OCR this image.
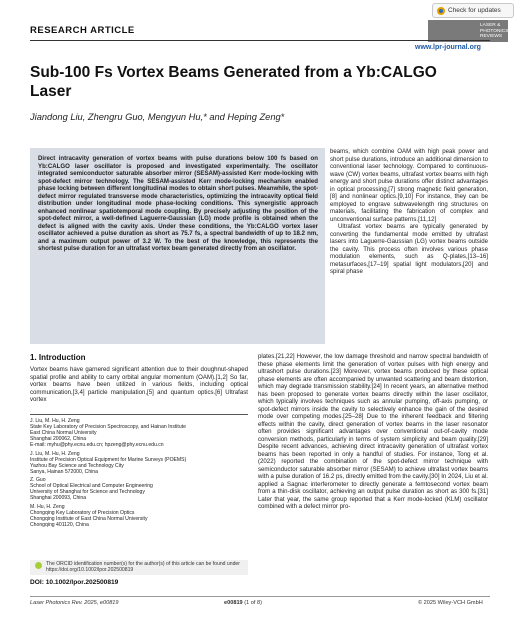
Check for updates
RESEARCH ARTICLE	LASER & PHOTONICS REVIEWS
www.lpr-journal.org
Sub-100 Fs Vortex Beams Generated from a Yb:CALGO Laser
Jiandong Liu, Zhengru Guo, Mengyun Hu,* and Heping Zeng*
Direct intracavity generation of vortex beams with pulse durations below 100 fs based on Yb:CALGO laser oscillator is proposed and investigated experimentally. The oscillator integrated semiconductor saturable absorber mirror (SESAM)-assisted Kerr mode-locking with spot-defect mirror technology. The SESAM-assisted Kerr mode-locking mechanism enabled phase locking between different longitudinal modes to obtain short pulses. Meanwhile, the spot-defect mirror regulated transverse mode characteristics, optimizing the intracavity optical field distribution under longitudinal mode phase-locking conditions. This synergistic approach enhanced nonlinear spatiotemporal mode coupling. By precisely adjusting the position of the spot-defect mirror, a well-defined Laguerre-Gaussian (LG) mode profile is obtained when the defect is aligned with the cavity axis. Under these conditions, the Yb:CALGO vortex laser oscillator achieved a pulse duration as short as 75.7 fs, a spectral bandwidth of up to 18.2 nm, and a maximum output power of 3.2 W. To the best of the knowledge, this represents the shortest pulse duration for an ultrafast vortex beam generated directly from an oscillator.

beams, which combine OAM with high peak power and short pulse durations, introduce an additional dimension to conventional laser technology. Compared to continuous-wave (CW) vortex beams, ultrafast vortex beams with high energy and short pulse durations offer distinct advantages in optical processing,[7] strong magnetic field generation,[8] and nonlinear optics.[9,10] For instance, they can be employed to engrave subwavelength ring structures on materials, facilitating the fabrication of complex and unconventional surface patterns.[11,12]

Ultrafast vortex beams are typically generated by converting the fundamental mode emitted by ultrafast lasers into Laguerre-Gaussian (LG) vortex beams outside the cavity. This process often involves various phase modulation elements, such as Q-plates,[13–16] metasurfaces,[17–19] spatial light modulators,[20] and spiral phase

plates.[21,22] However, the low damage threshold and narrow spectral bandwidth of these phase elements limit the generation of vortex pulses with high energy and ultrashort pulse durations.[23] Moreover, vortex beams produced by these optical phase elements are often accompanied by unwanted scattering and beam distortion, which may degrade transmission stability.[24] In recent years, an alternative method has been proposed to generate vortex beams directly within the laser oscillator, which typically involves techniques such as annular pumping, off-axis pumping, or spot-defect mirrors inside the cavity to selectively enhance the gain of the desired mode over competing modes.[25–28] Due to the inherent feedback and filtering effects within the cavity, direct generation of vortex beams in the laser resonator often provides significant advantages over conventional out-of-cavity mode conversion methods, particularly in terms of system simplicity and beam quality.[29] Despite recent advances, achieving direct intracavity generation of ultrafast vortex beams has been reported in only a handful of studies. For instance, Tong et al. (2022) reported the combination of the spot-defect mirror technique with semiconductor saturable absorber mirror (SESAM) to achieve ultrafast vortex beams with a pulse duration of 16.2 ps, directly emitted from the cavity.[30] In 2024, Liu et al. applied a Sagnac interferometer to directly generate a femtosecond vortex beam from a thin-disk oscillator, achieving an output pulse duration as short as 300 fs.[31] Later that year, the same group reported that a Kerr mode-locked (KLM) oscillator combined with a defect mirror pro-
1. Introduction
Vortex beams have garnered significant attention due to their doughnut-shaped spatial profile and ability to carry orbital angular momentum (OAM).[1,2] So far, vortex beams have been utilized in various fields, including optical communication,[3,4] particle manipulation,[5] and quantum optics.[6] Ultrafast vortex
J. Liu, M. Hu, H. Zeng
State Key Laboratory of Precision Spectroscopy, and Hainan Institute
East China Normal University
Shanghai 200062, China
E-mail: myhu@phy.ecnu.edu.cn; hpzeng@phy.ecnu.edu.cn
J. Liu, M. Hu, H. Zeng
Institute of Precision Optical Equipment for Marine Surveys (POEMS)
Yazhou Bay Science and Technology City
Sanya, Hainan 572000, China
Z. Guo
School of Optical Electrical and Computer Engineering
University of Shanghai for Science and Technology
Shanghai 200093, China
M. Hu, H. Zeng
Chongqing Key Laboratory of Precision Optics
Chongqing Institute of East China Normal University
Chongqing 401120, China
The ORCID identification number(s) for the author(s) of this article can be found under https://doi.org/10.1002/lpor.202500819
DOI: 10.1002/lpor.202500819
Laser Photonics Rev. 2025, e00819	e00819 (1 of 8)	© 2025 Wiley-VCH GmbH
